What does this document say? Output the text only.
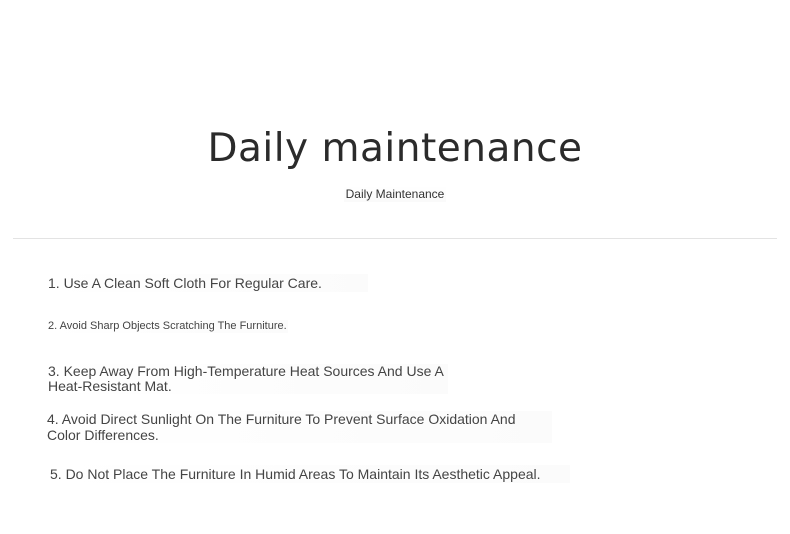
Daily maintenance
Daily Maintenance

1. Use A Clean Soft Cloth For Regular Care.

2. Avoid Sharp Objects Scratching The Furniture.

3. Keep Away From High-Temperature Heat Sources And Use A Heat-Resistant Mat.

4. Avoid Direct Sunlight On The Furniture To Prevent Surface Oxidation And Color Differences.

5. Do Not Place The Furniture In Humid Areas To Maintain Its Aesthetic Appeal.
